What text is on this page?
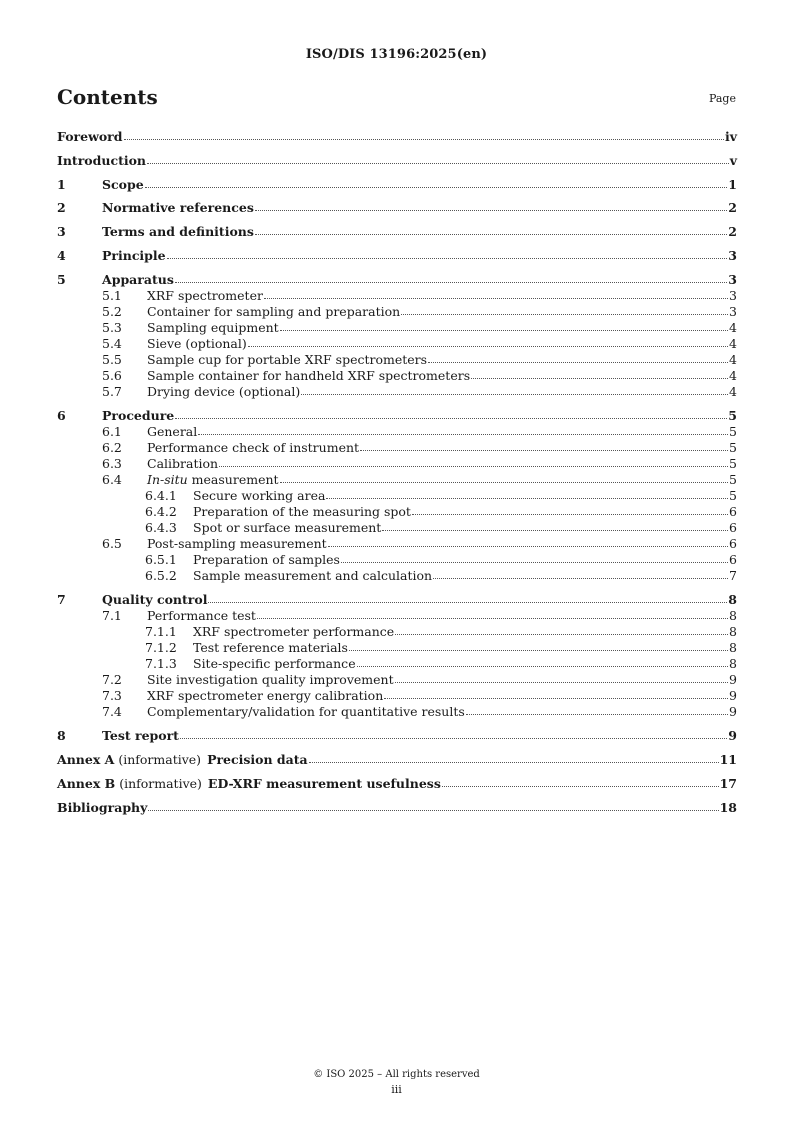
ISO/DIS 13196:2025(en)
Contents	Page
Foreword	iv
Introduction	v
1	Scope	1
2	Normative references	2
3	Terms and definitions	2
4	Principle	3
5	Apparatus	3
5.1	XRF spectrometer	3
5.2	Container for sampling and preparation	3
5.3	Sampling equipment	4
5.4	Sieve (optional)	4
5.5	Sample cup for portable XRF spectrometers	4
5.6	Sample container for handheld XRF spectrometers	4
5.7	Drying device (optional)	4
6	Procedure	5
6.1	General	5
6.2	Performance check of instrument	5
6.3	Calibration	5
6.4	In-situ measurement	5
6.4.1	Secure working area	5
6.4.2	Preparation of the measuring spot	6
6.4.3	Spot or surface measurement	6
6.5	Post-sampling measurement	6
6.5.1	Preparation of samples	6
6.5.2	Sample measurement and calculation	7
7	Quality control	8
7.1	Performance test	8
7.1.1	XRF spectrometer performance	8
7.1.2	Test reference materials	8
7.1.3	Site-specific performance	8
7.2	Site investigation quality improvement	9
7.3	XRF spectrometer energy calibration	9
7.4	Complementary/validation for quantitative results	9
8	Test report	9
Annex A (informative) Precision data	11
Annex B (informative) ED-XRF measurement usefulness	17
Bibliography	18
© ISO 2025 – All rights reserved
iii
